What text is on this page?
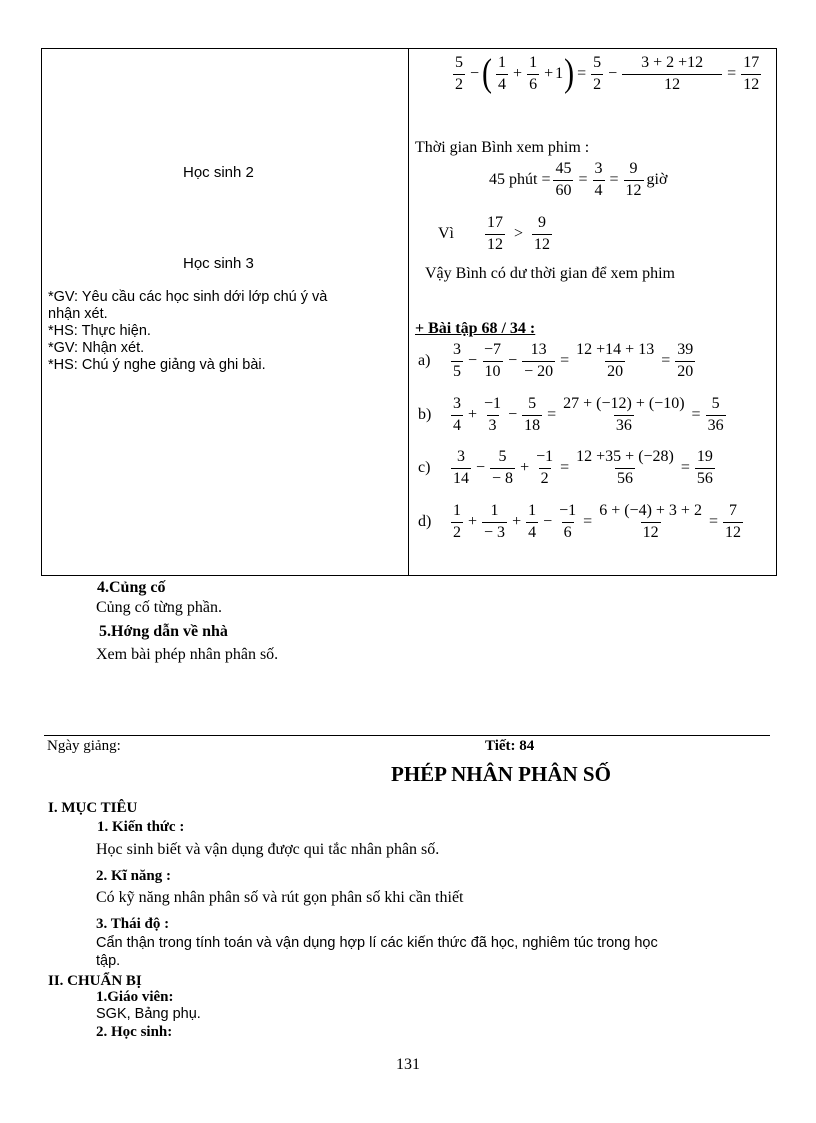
Học sinh 2
Học sinh 3
*GV: Yêu cầu các học sinh dới lớp chú ý và
nhận xét.
*HS: Thực hiện.
*GV: Nhận xét.
*HS: Chú ý nghe giảng và ghi bài.
$\frac{5}{2}$ − ( $\frac{1}{4} + \frac{1}{6} + 1$ ) = $\frac{5}{2} - \frac{3 + 2 +12}{12} = \frac{17}{12}$
Thời gian Bình xem phim :
45 phút = $\frac{45}{60} = \frac{3}{4} = \frac{9}{12}$ giờ
Vì	$\frac{17}{12} > \frac{9}{12}$
Vậy Bình có dư thời gian để xem phim
+ Bài tập 68 / 34 :
a)	$\frac{3}{5} - \frac{-7}{10} - \frac{13}{- 20} = \frac{12 +14 + 13}{20} = \frac{39}{20}$
b)	$\frac{3}{4} + \frac{-1}{3} - \frac{5}{18} = \frac{27 + (-12) + (-10)}{36} = \frac{5}{36}$
c)	$\frac{3}{14} - \frac{5}{- 8} + \frac{-1}{2} = \frac{12 +35 + (-28)}{56} = \frac{19}{56}$
d)	$\frac{1}{2} + \frac{1}{- 3} + \frac{1}{4} - \frac{-1}{6} = \frac{6 + (-4) + 3 + 2}{12} = \frac{7}{12}$
4.Củng cố
Củng cố từng phần.
5.Hớng dẫn về nhà
Xem bài phép nhân phân số.
Ngày giảng:	Tiết: 84
PHÉP NHÂN PHÂN SỐ
I. MỤC TIÊU
1. Kiến thức :
Học sinh biết và vận dụng được qui tắc nhân phân số.
2. Kĩ năng :
Có kỹ năng nhân phân số và rút gọn phân số khi cần thiết
3. Thái độ :
Cẩn thận trong tính toán và vận dụng hợp lí các kiến thức đã học, nghiêm túc trong học
tập.
II. CHUẨN BỊ
1.Giáo viên:
SGK, Bảng phụ.
2. Học sinh:
131
